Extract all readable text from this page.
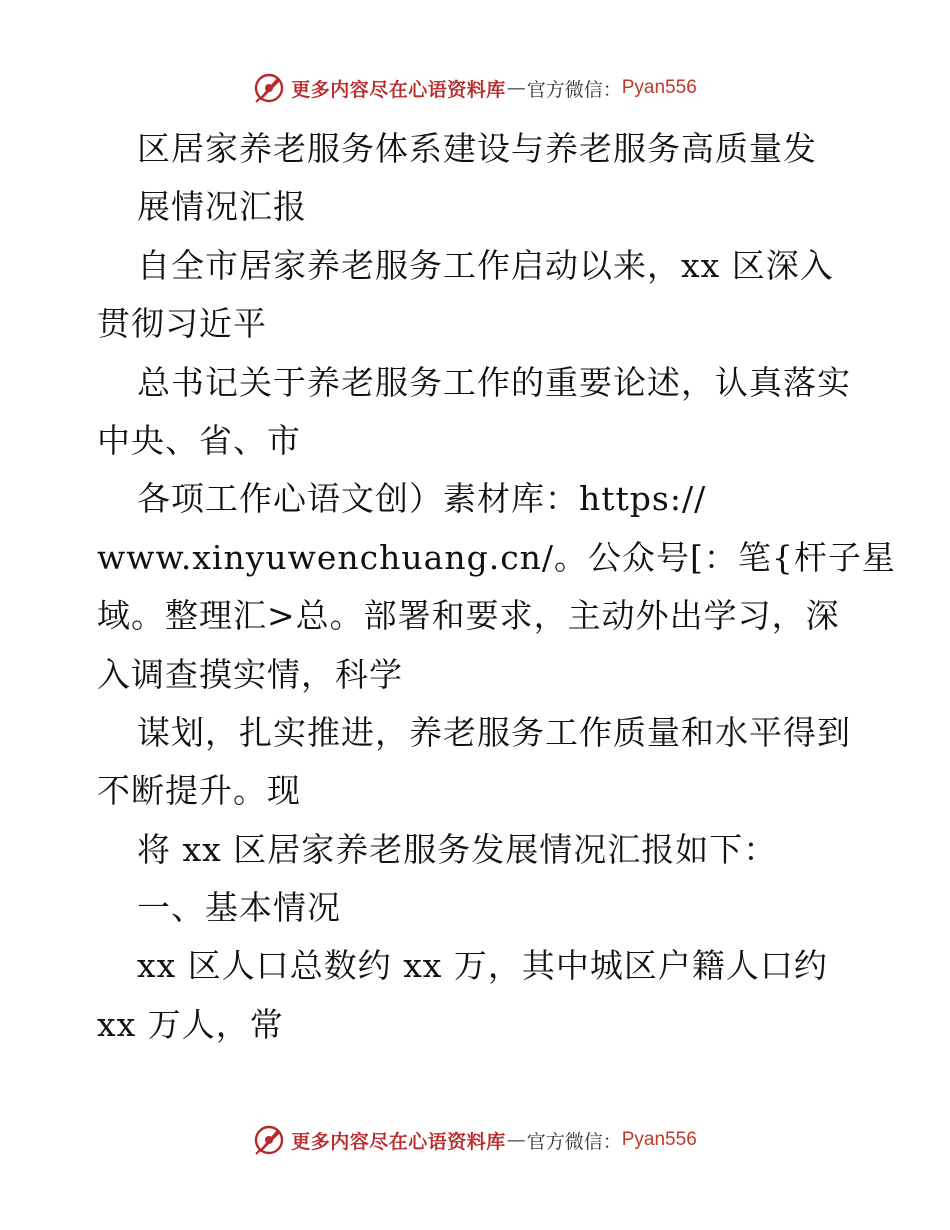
更多内容尽在心语资料库 — 官方微信： Pyan556
区居家养老服务体系建设与养老服务高质量发
展情况汇报
自全市居家养老服务工作启动以来，xx 区深入
贯彻习近平
总书记关于养老服务工作的重要论述，认真落实
中央、省、市
各项工作心语文创）素材库：https://
www.xinyuwenchuang.cn/。公众号[：笔{杆子星
域。整理汇>总。部署和要求，主动外出学习，深
入调查摸实情，科学
谋划，扎实推进，养老服务工作质量和水平得到
不断提升。现
将 xx 区居家养老服务发展情况汇报如下：
一、基本情况
xx 区人口总数约 xx 万，其中城区户籍人口约
xx 万人，常
更多内容尽在心语资料库 — 官方微信： Pyan556
